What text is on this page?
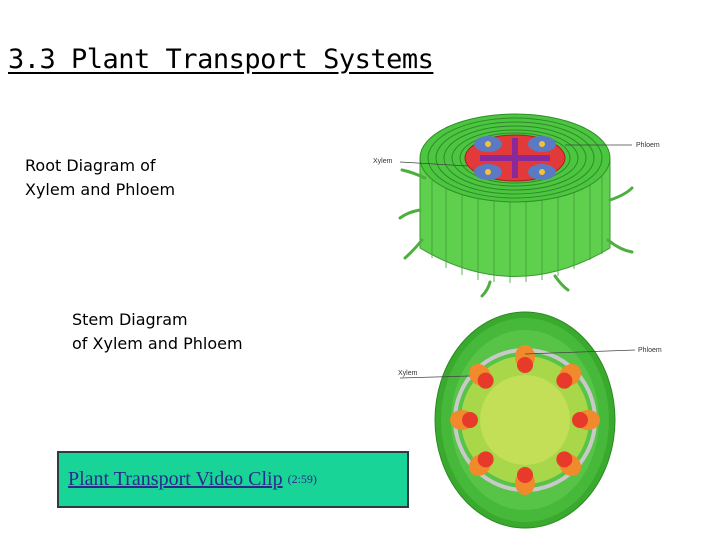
3.3 Plant Transport Systems
Root Diagram of
Xylem and Phloem
Stem Diagram
of Xylem and Phloem
Xylem
Phloem
Phloem
Xylem
Plant Transport Video Clip (2:59)
